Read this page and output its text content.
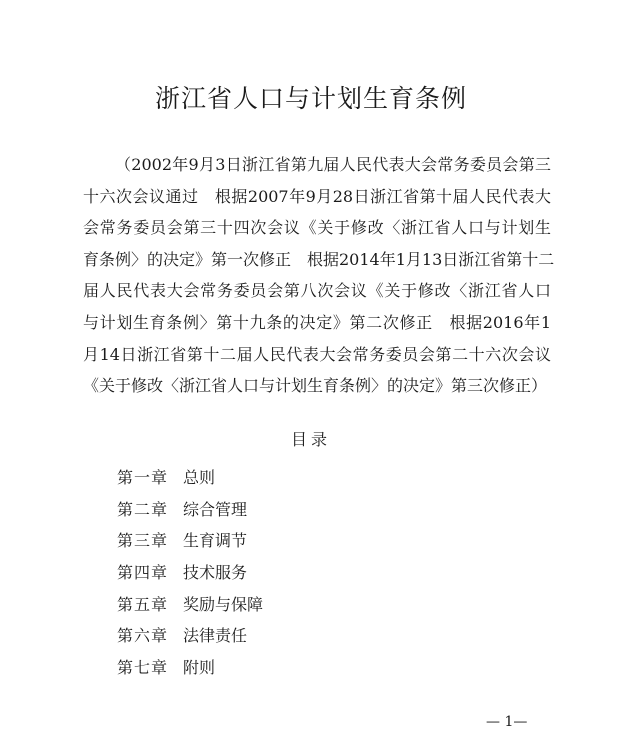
浙江省人口与计划生育条例

（2002年9月3日浙江省第九届人民代表大会常务委员会第三
十六次会议通过　根据2007年9月28日浙江省第十届人民代表大
会常务委员会第三十四次会议《关于修改〈浙江省人口与计划生
育条例〉的决定》第一次修正　根据2014年1月13日浙江省第十二
届人民代表大会常务委员会第八次会议《关于修改〈浙江省人口
与计划生育条例〉第十九条的决定》第二次修正　根据2016年1
月14日浙江省第十二届人民代表大会常务委员会第二十六次会议
《关于修改〈浙江省人口与计划生育条例〉的决定》第三次修正）

目录
第一章 总则
第二章 综合管理
第三章 生育调节
第四章 技术服务
第五章 奖励与保障
第六章 法律责任
第七章 附则
— 1—
